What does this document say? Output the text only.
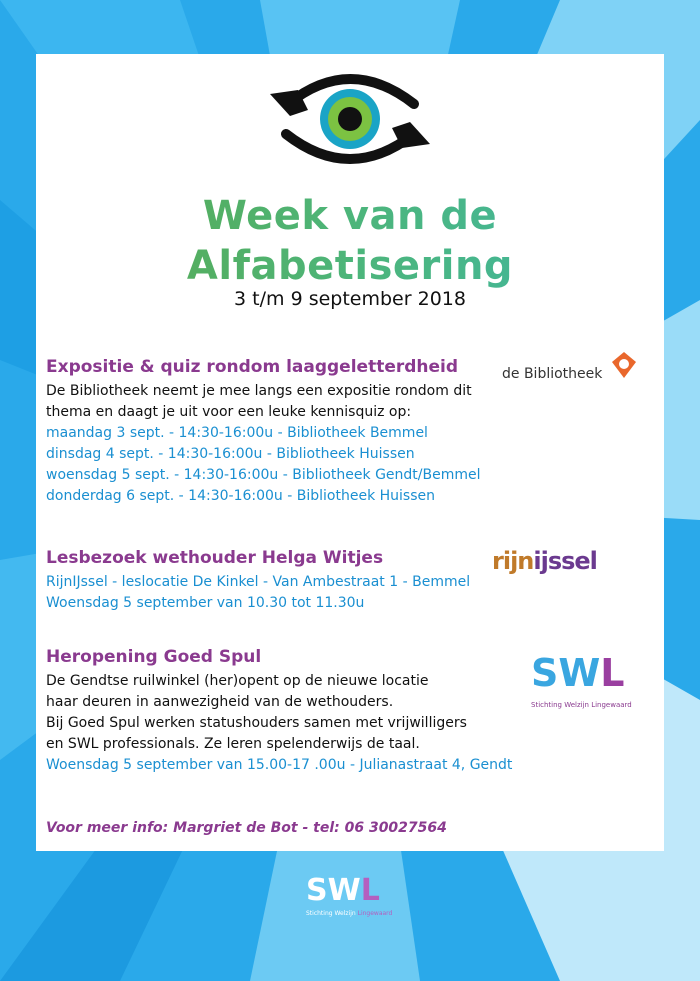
Week van de
Alfabetisering
3 t/m 9 september 2018
Expositie & quiz rondom laaggeletterdheid
De Bibliotheek neemt je mee langs een expositie rondom dit
thema en daagt je uit voor een leuke kennisquiz op:
maandag 3 sept. - 14:30-16:00u - Bibliotheek Bemmel
dinsdag 4 sept. - 14:30-16:00u - Bibliotheek Huissen
woensdag 5 sept. - 14:30-16:00u - Bibliotheek Gendt/Bemmel
donderdag 6 sept. - 14:30-16:00u - Bibliotheek Huissen
Lesbezoek wethouder Helga Witjes
RijnIJssel - leslocatie De Kinkel - Van Ambestraat 1 - Bemmel
Woensdag 5 september van 10.30 tot 11.30u
Heropening Goed Spul
De Gendtse ruilwinkel (her)opent op de nieuwe locatie
haar deuren in aanwezigheid van de wethouders.
Bij Goed Spul werken statushouders samen met vrijwilligers
en SWL professionals. Ze leren spelenderwijs de taal.
Woensdag 5 september van 15.00-17 .00u - Julianastraat 4, Gendt
Voor meer info: Margriet de Bot - tel: 06 30027564
de Bibliotheek
rijnijssel
SWL
Stichting Welzijn Lingewaard
SWL
Stichting Welzijn Lingewaard
